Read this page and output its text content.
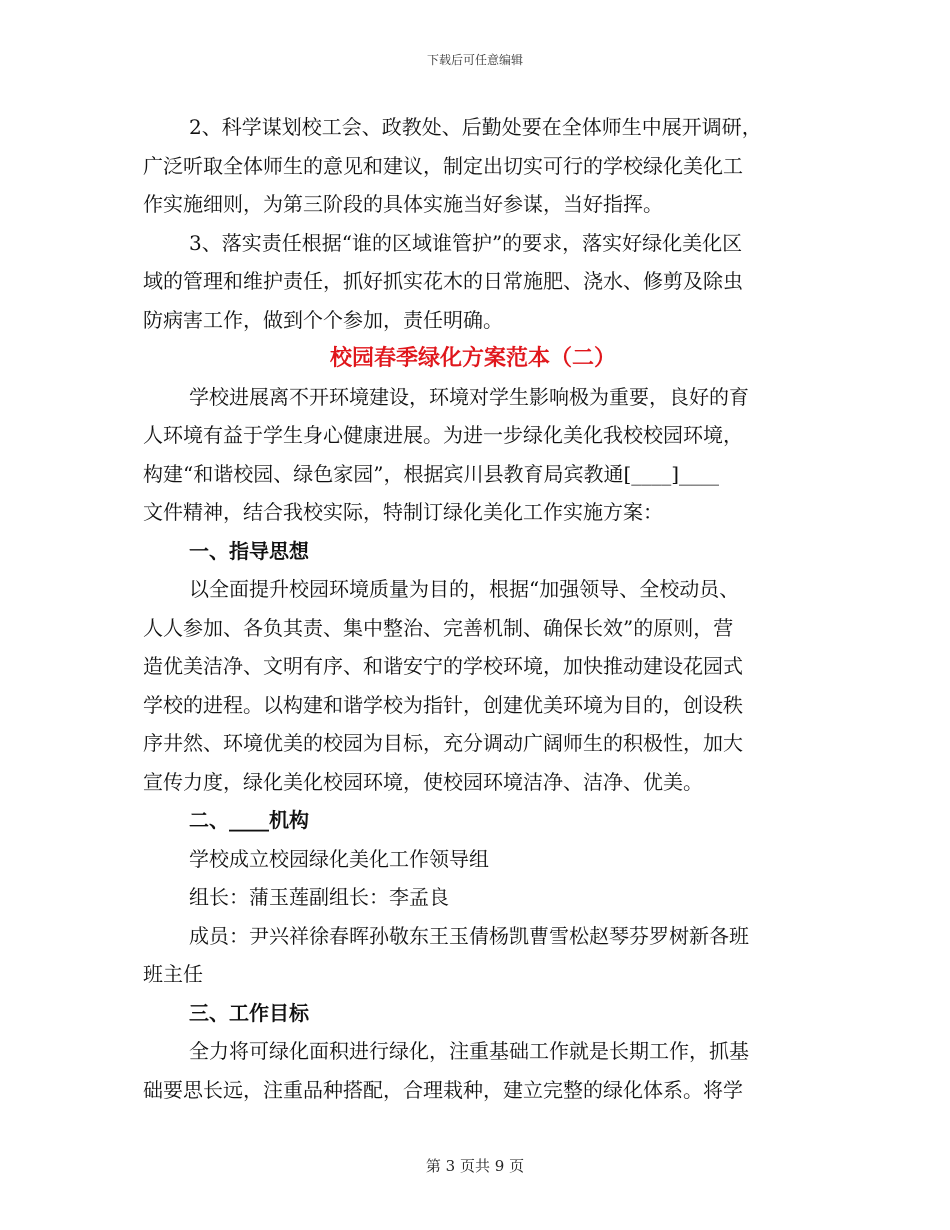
下载后可任意编辑
2、科学谋划校工会、政教处、后勤处要在全体师生中展开调研，
广泛听取全体师生的意见和建议，制定出切实可行的学校绿化美化工
作实施细则，为第三阶段的具体实施当好参谋，当好指挥。
3、落实责任根据“谁的区域谁管护”的要求，落实好绿化美化区
域的管理和维护责任，抓好抓实花木的日常施肥、浇水、修剪及除虫
防病害工作，做到个个参加，责任明确。
校园春季绿化方案范本（二）
学校进展离不开环境建设，环境对学生影响极为重要，良好的育
人环境有益于学生身心健康进展。为进一步绿化美化我校校园环境，
构建“和谐校园、绿色家园”，根据宾川县教育局宾教通[____]____
文件精神，结合我校实际，特制订绿化美化工作实施方案：
一、指导思想
以全面提升校园环境质量为目的，根据“加强领导、全校动员、
人人参加、各负其责、集中整治、完善机制、确保长效”的原则，营
造优美洁净、文明有序、和谐安宁的学校环境，加快推动建设花园式
学校的进程。以构建和谐学校为指针，创建优美环境为目的，创设秩
序井然、环境优美的校园为目标，充分调动广阔师生的积极性，加大
宣传力度，绿化美化校园环境，使校园环境洁净、洁净、优美。
二、____机构
学校成立校园绿化美化工作领导组
组长：蒲玉莲副组长：李孟良
成员：尹兴祥徐春晖孙敬东王玉倩杨凯曹雪松赵琴芬罗树新各班
班主任
三、工作目标
全力将可绿化面积进行绿化，注重基础工作就是长期工作，抓基
础要思长远，注重品种搭配，合理栽种，建立完整的绿化体系。将学
第 3 页共 9 页
